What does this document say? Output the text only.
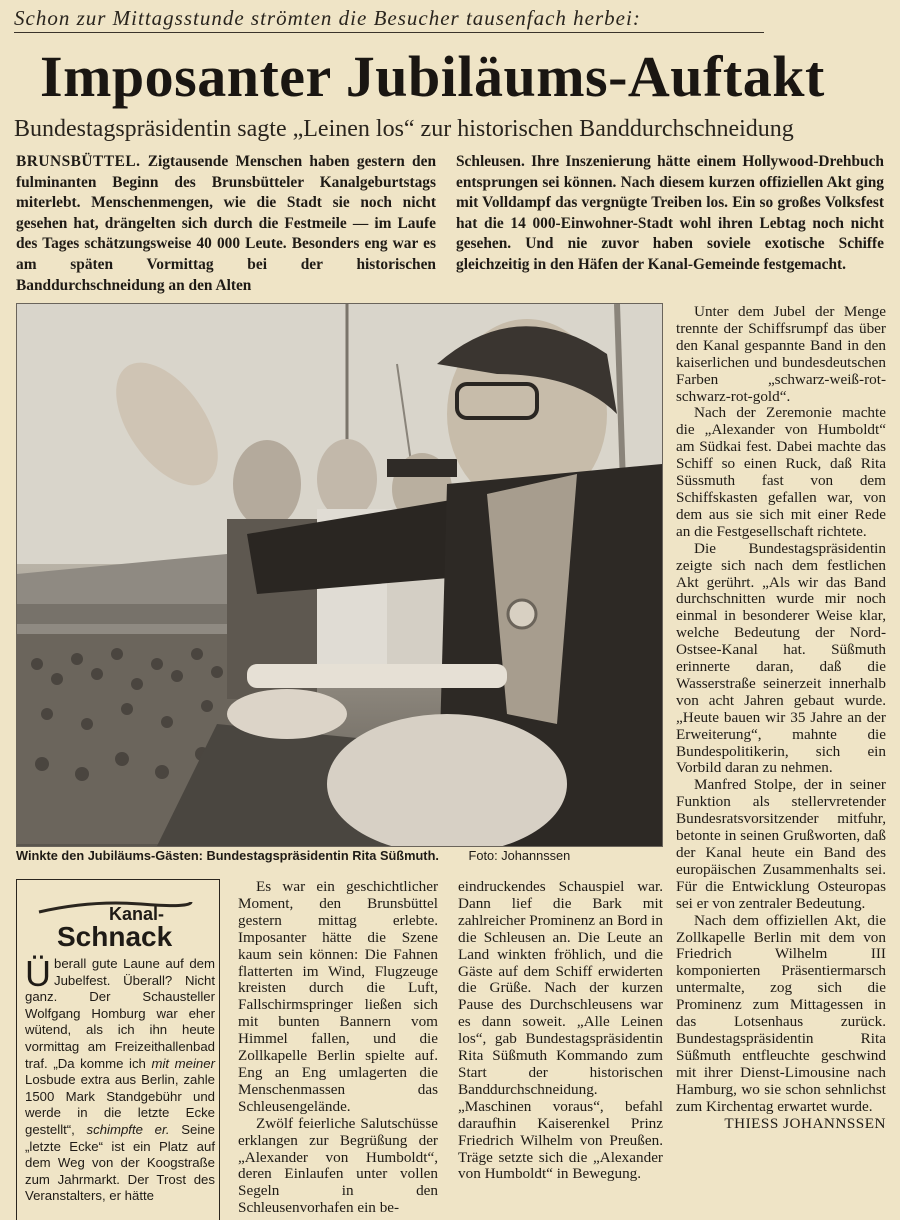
Schon zur Mittagsstunde strömten die Besucher tausenfach herbei:
Imposanter Jubiläums-Auftakt
Bundestagspräsidentin sagte „Leinen los“ zur historischen Banddurchschneidung
BRUNSBÜTTEL. Zigtausende Menschen haben gestern den fulminanten Beginn des Brunsbütteler Kanalgeburtstags miterlebt. Menschenmengen, wie die Stadt sie noch nicht gesehen hat, drängelten sich durch die Festmeile — im Laufe des Tages schätzungsweise 40 000 Leute. Besonders eng war es am späten Vormittag bei der historischen Banddurchschneidung an den Alten
Schleusen. Ihre Inszenierung hätte einem Hollywood-Drehbuch entsprungen sei können. Nach diesem kurzen offiziellen Akt ging mit Volldampf das vergnügte Treiben los. Ein so großes Volksfest hat die 14 000-Einwohner-Stadt wohl ihren Lebtag noch nicht gesehen. Und nie zuvor haben soviele exotische Schiffe gleichzeitig in den Häfen der Kanal-Gemeinde festgemacht.
Winkte den Jubiläums-Gästen: Bundestagspräsidentin Rita Süßmuth. Foto: Johannssen

Unter dem Jubel der Menge trennte der Schiffsrumpf das über den Kanal gespannte Band in den kaiserlichen und bundesdeutschen Farben „schwarz-weiß-rot-schwarz-rot-gold“.

Nach der Zeremonie machte die „Alexander von Humboldt“ am Südkai fest. Dabei machte das Schiff so einen Ruck, daß Rita Süssmuth fast von dem Schiffskasten gefallen war, von dem aus sie sich mit einer Rede an die Festgesellschaft richtete.

Die Bundestagspräsidentin zeigte sich nach dem festlichen Akt gerührt. „Als wir das Band durchschnitten wurde mir noch einmal in besonderer Weise klar, welche Bedeutung der Nord-Ostsee-Kanal hat. Süßmuth erinnerte daran, daß die Wasserstraße seinerzeit innerhalb von acht Jahren gebaut wurde. „Heute bauen wir 35 Jahre an der Erweiterung“, mahnte die Bundespolitikerin, sich ein Vorbild daran zu nehmen.

Manfred Stolpe, der in seiner Funktion als stellervretender Bundesratsvorsitzender mitfuhr, betonte in seinen Grußworten, daß der Kanal heute ein Band des europäischen Zusammenhalts sei. Für die Entwicklung Osteuropas sei er von zentraler Bedeutung.

Nach dem offiziellen Akt, die Zollkapelle Berlin mit dem von Friedrich Wilhelm III komponierten Präsentiermarsch untermalte, zog sich die Prominenz zum Mittagessen in das Lotsenhaus zurück. Bundestagspräsidentin Rita Süßmuth entfleuchte geschwind mit ihrer Dienst-Limousine nach Hamburg, wo sie schon sehnlichst zum Kirchentag erwartet wurde.

THIESS JOHANNSSEN

Kanal-
Schnack
Überall gute Laune auf dem Jubelfest. Überall? Nicht ganz. Der Schausteller Wolfgang Homburg war eher wütend, als ich ihn heute vormittag am Freizeithallenbad traf. „Da komme ich mit meiner Losbude extra aus Berlin, zahle 1500 Mark Standgebühr und werde in die letzte Ecke gestellt“, schimpfte er. Seine „letzte Ecke“ ist ein Platz auf dem Weg von der Koogstraße zum Jahrmarkt. Der Trost des Veranstalters, er hätte

Es war ein geschichtlicher Moment, den Brunsbüttel gestern mittag erlebte. Imposanter hätte die Szene kaum sein können: Die Fahnen flatterten im Wind, Flugzeuge kreisten durch die Luft, Fallschirmspringer ließen sich mit bunten Bannern vom Himmel fallen, und die Zollkapelle Berlin spielte auf. Eng an Eng umlagerten die Menschenmassen das Schleusengelände.

Zwölf feierliche Salutschüsse erklangen zur Begrüßung der „Alexander von Humboldt“, deren Einlaufen unter vollen Segeln in den Schleusenvorhafen ein be-

eindruckendes Schauspiel war. Dann lief die Bark mit zahlreicher Prominenz an Bord in die Schleusen an. Die Leute an Land winkten fröhlich, und die Gäste auf dem Schiff erwiderten die Grüße. Nach der kurzen Pause des Durchschleusens war es dann soweit. „Alle Leinen los“, gab Bundestagspräsidentin Rita Süßmuth Kommando zum Start der historischen Banddurchschneidung. „Maschinen voraus“, befahl daraufhin Kaiserenkel Prinz Friedrich Wilhelm von Preußen. Träge setzte sich die „Alexander von Humboldt“ in Bewegung.
